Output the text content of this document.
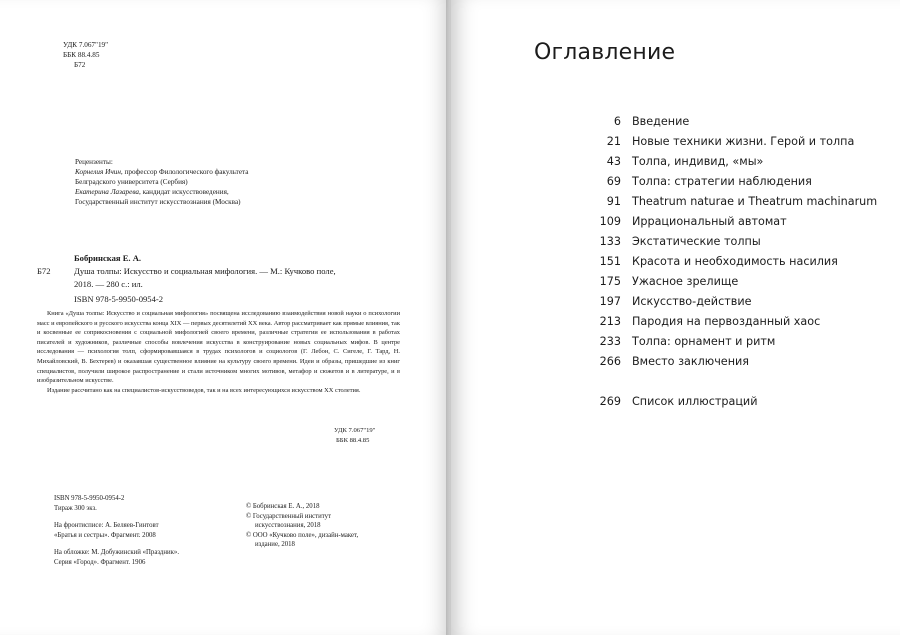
УДК 7.067"19"
ББК 88.4.85
Б72
Рецензенты:
Корнелия Ичин, профессор Филологического факультета
Белградского университета (Сербия)
Екатерина Лазарева, кандидат искусствоведения,
Государственный институт искусствознания (Москва)
Бобринская Е. А.
Б72	Душа толпы: Искусство и социальная мифология. — М.: Кучково поле,
2018. — 280 с.: ил.
ISBN 978-5-9950-0954-2

Книга «Душа толпы: Искусство и социальная мифология» посвящена исследованию взаимодействия новой науки о психологии масс и европейского и русского искусства конца XIX — первых десятилетий XX века. Автор рассматривает как прямые влияния, так и косвенные ее соприкосновения с социальной мифологией своего времени, различные стратегии ее использования в работах писателей и художников, различные способы вовлечения искусства в конструирование новых социальных мифов. В центре исследования — психология толп, сформировавшаяся в трудах психологов и социологов (Г. Лебон, С. Сигеле, Г. Тард, Н. Михайловский, В. Бехтерев) и оказавшая существенное влияние на культуру своего времени. Идеи и образы, пришедшие из книг специалистов, получили широкое распространение и стали источником многих мотивов, метафор и сюжетов и в литературе, и в изобразительном искусстве.

Издание рассчитано как на специалистов-искусствоведов, так и на всех интересующихся искусством XX столетия.

УДК 7.067"19"
ББК 88.4.85
ISBN 978-5-9950-0954-2
Тираж 300 экз.
На фронтисписе: А. Беляев-Гинтовт
«Братья и сестры». Фрагмент. 2008
На обложке: М. Добужинский «Праздник».
Серия «Город». Фрагмент. 1906
© Бобринская Е. А., 2018
© Государственный институт
искусствознания, 2018
© ООО «Кучково поле», дизайн-макет,
издание, 2018
Оглавление
6 Введение
21 Новые техники жизни. Герой и толпа
43 Толпа, индивид, «мы»
69 Толпа: стратегии наблюдения
91 Theatrum naturae и Theatrum machinarum
109 Иррациональный автомат
133 Экстатические толпы
151 Красота и необходимость насилия
175 Ужасное зрелище
197 Искусство-действие
213 Пародия на первозданный хаос
233 Толпа: орнамент и ритм
266 Вместо заключения
269 Список иллюстраций
